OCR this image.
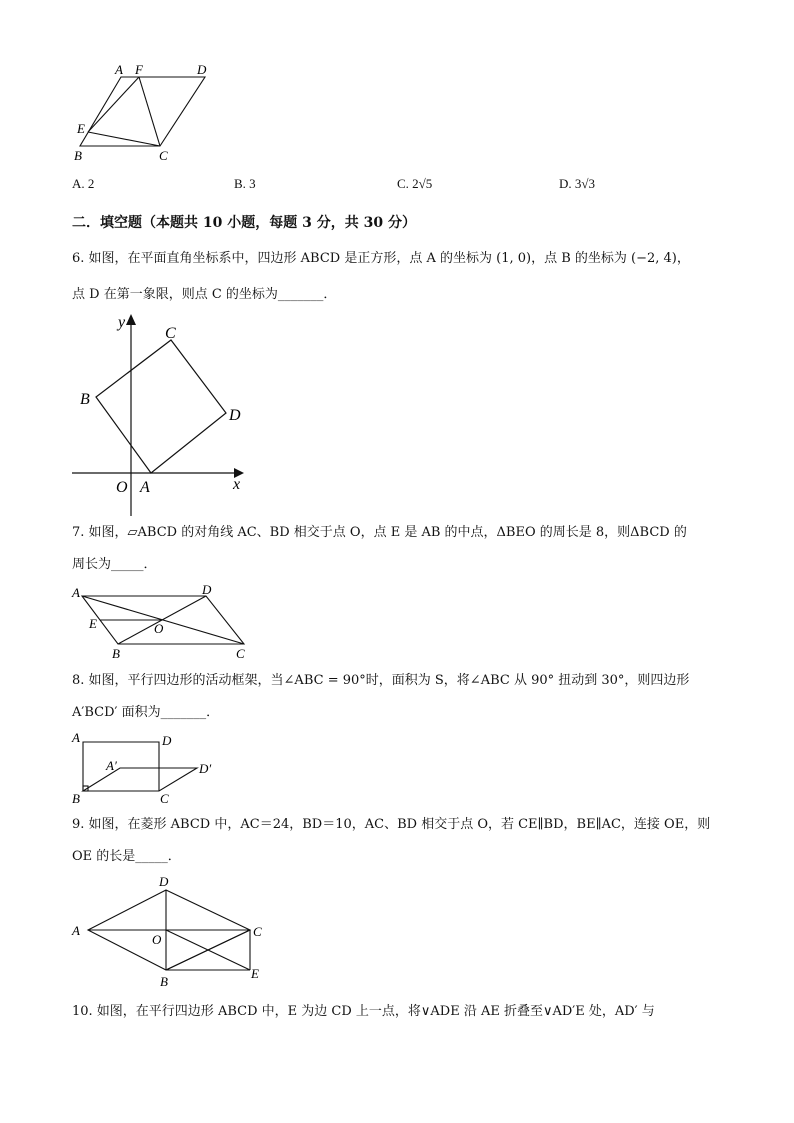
A F	D
E
B	C
A. 2	B. 3	C. 2√5	D. 3√3
二．填空题（本题共 10 小题，每题 3 分，共 30 分）
6. 如图，在平面直角坐标系中，四边形 ABCD 是正方形，点 A 的坐标为 (1, 0)，点 B 的坐标为 (−2, 4)，
点 D 在第一象限，则点 C 的坐标为_______．
y
x
O A
B
C
D
7. 如图，▱ABCD 的对角线 AC、BD 相交于点 O，点 E 是 AB 的中点，ΔBEO 的周长是 8，则ΔBCD 的
周长为_____．
A	D
E	O
B	C
8. 如图，平行四边形的活动框架，当∠ABC = 90°时，面积为 S，将∠ABC 从 90° 扭动到 30°，则四边形
A′BCD′ 面积为_______．
A	D
A′	D′
B	C
9. 如图，在菱形 ABCD 中，AC＝24，BD＝10，AC、BD 相交于点 O，若 CE∥BD，BE∥AC，连接 OE，则
OE 的长是_____．
D
A
O
C
B
E
10. 如图，在平行四边形 ABCD 中，E 为边 CD 上一点，将∨ADE 沿 AE 折叠至∨AD′E 处，AD′ 与
